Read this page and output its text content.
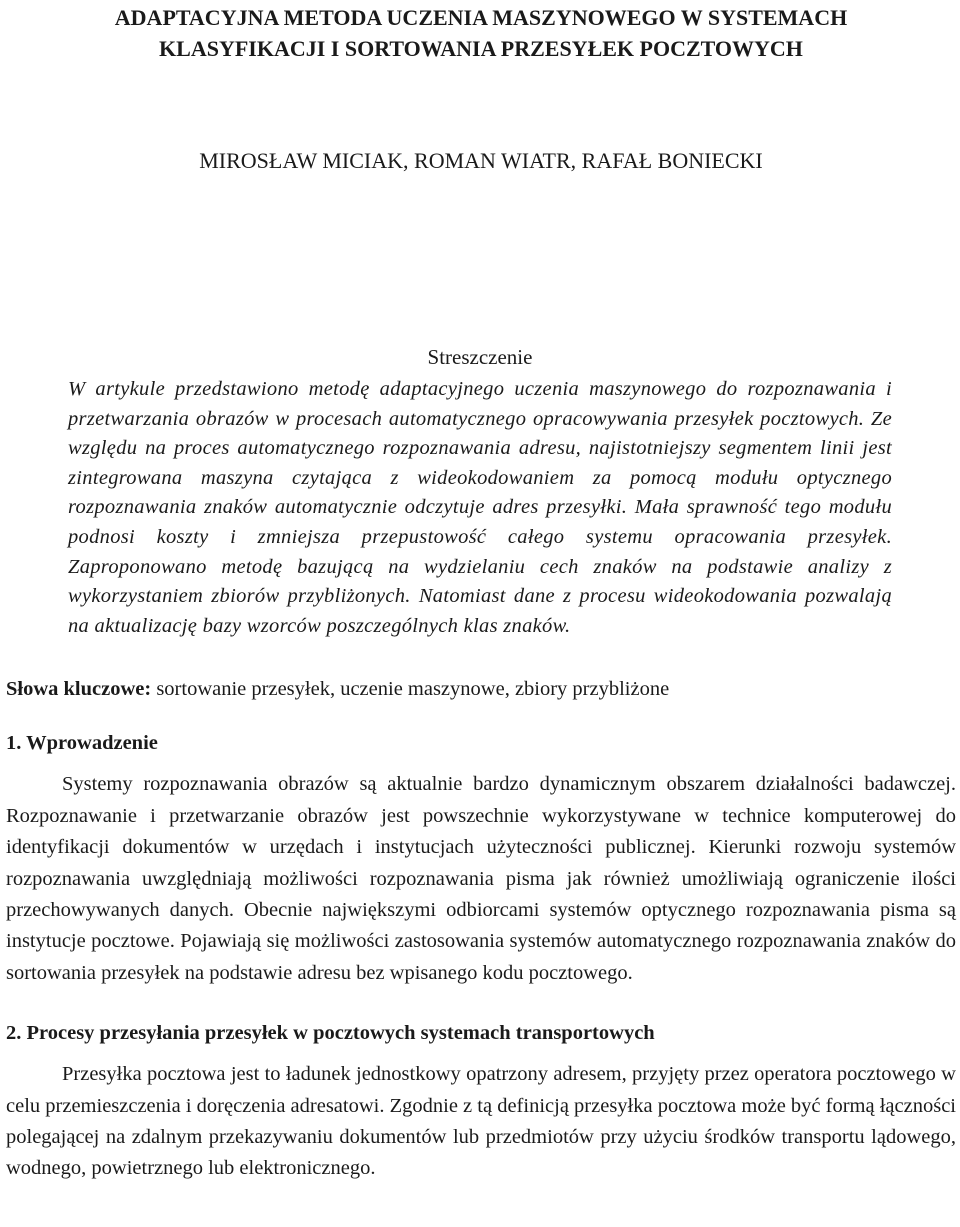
ADAPTACYJNA METODA UCZENIA MASZYNOWEGO W SYSTEMACH
KLASYFIKACJI I SORTOWANIA PRZESYŁEK POCZTOWYCH
MIROSŁAW MICIAK, ROMAN WIATR, RAFAŁ BONIECKI
Streszczenie

W artykule przedstawiono metodę adaptacyjnego uczenia maszynowego do rozpoznawania i przetwarzania obrazów w procesach automatycznego opracowywania przesyłek pocztowych. Ze względu na proces automatycznego rozpoznawania adresu, najistotniejszy segmentem linii jest zintegrowana maszyna czytająca z wideokodowaniem za pomocą modułu optycznego rozpoznawania znaków automatycznie odczytuje adres przesyłki. Mała sprawność tego modułu podnosi koszty i zmniejsza przepustowość całego systemu opracowania przesyłek. Zaproponowano metodę bazującą na wydzielaniu cech znaków na podstawie analizy z wykorzystaniem zbiorów przybliżonych. Natomiast dane z procesu wideokodowania pozwalają na aktualizację bazy wzorców poszczególnych klas znaków.

Słowa kluczowe: sortowanie przesyłek, uczenie maszynowe, zbiory przybliżone

1. Wprowadzenie

Systemy rozpoznawania obrazów są aktualnie bardzo dynamicznym obszarem działalności badawczej. Rozpoznawanie i przetwarzanie obrazów jest powszechnie wykorzystywane w technice komputerowej do identyfikacji dokumentów w urzędach i instytucjach użyteczności publicznej. Kierunki rozwoju systemów rozpoznawania uwzględniają możliwości rozpoznawania pisma jak również umożliwiają ograniczenie ilości przechowywanych danych. Obecnie największymi odbiorcami systemów optycznego rozpoznawania pisma są instytucje pocztowe. Pojawiają się możliwości zastosowania systemów automatycznego rozpoznawania znaków do sortowania przesyłek na podstawie adresu bez wpisanego kodu pocztowego.

2. Procesy przesyłania przesyłek w pocztowych systemach transportowych

Przesyłka pocztowa jest to ładunek jednostkowy opatrzony adresem, przyjęty przez operatora pocztowego w celu przemieszczenia i doręczenia adresatowi. Zgodnie z tą definicją przesyłka pocztowa może być formą łączności polegającej na zdalnym przekazywaniu dokumentów lub przedmiotów przy użyciu środków transportu lądowego, wodnego, powietrznego lub elektronicznego.
